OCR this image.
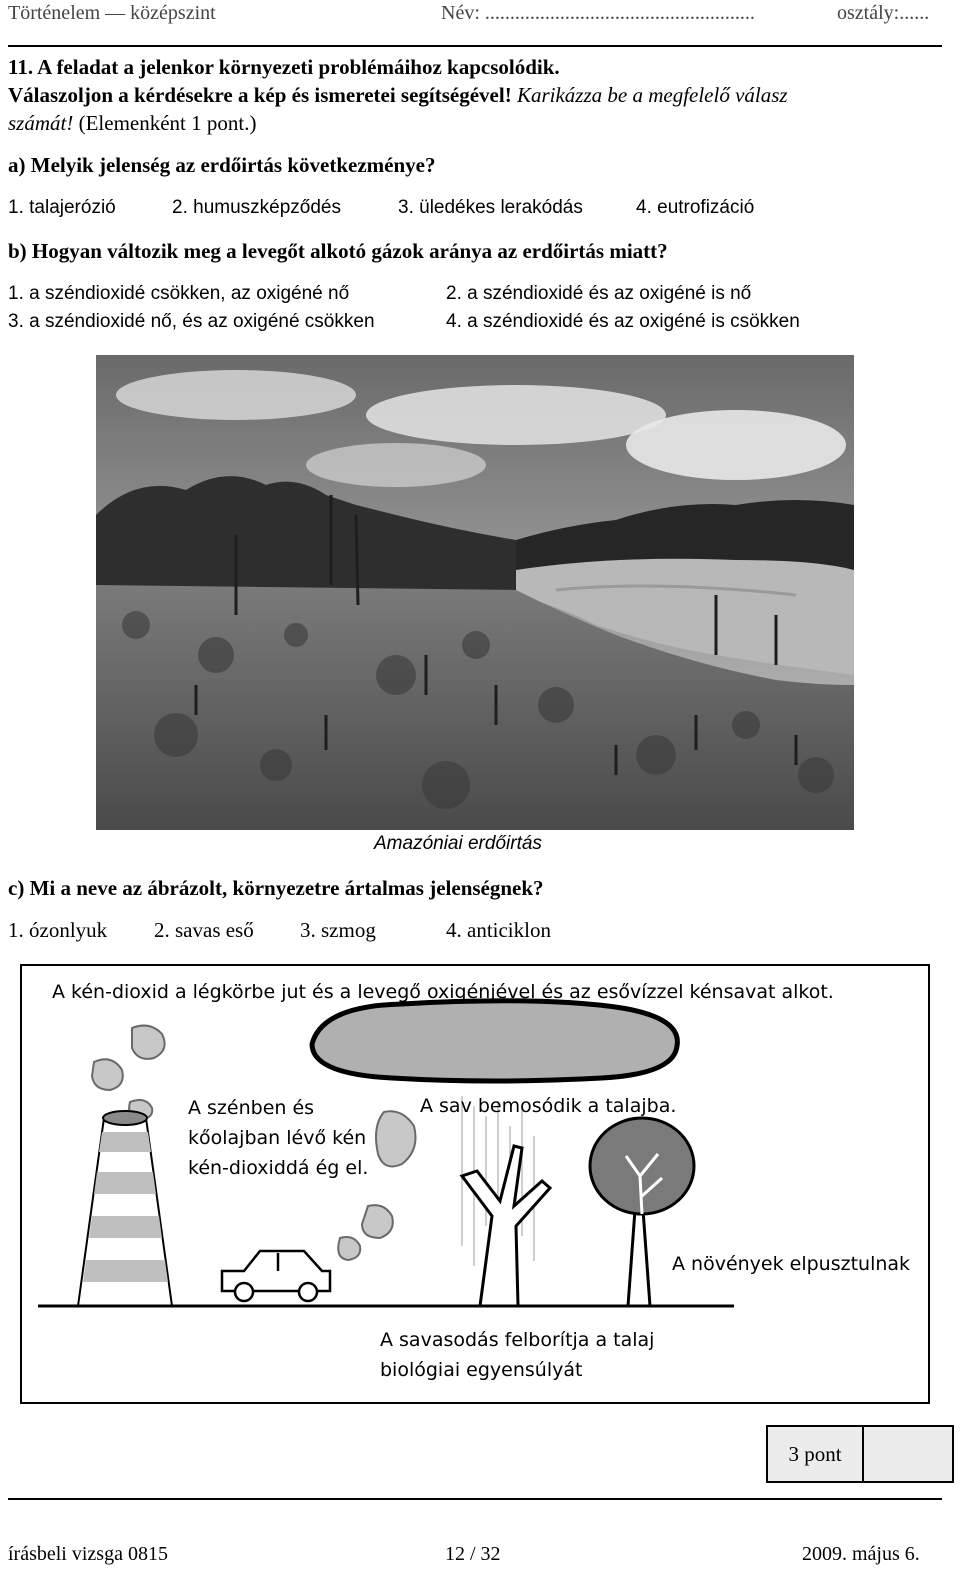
Történelem — középszint	Név: ......................................................	osztály:......
11. A feladat a jelenkor környezeti problémáihoz kapcsolódik.
Válaszoljon a kérdésekre a kép és ismeretei segítségével! Karikázza be a megfelelő válasz
számát! (Elemenként 1 pont.)
a) Melyik jelenség az erdőirtás következménye?
1. talajerózió	2. humuszképződés	3. üledékes lerakódás	4. eutrofizáció
b) Hogyan változik meg a levegőt alkotó gázok aránya az erdőirtás miatt?
1. a széndioxidé csökken, az oxigéné nő	2. a széndioxidé és az oxigéné is nő
3. a széndioxidé nő, és az oxigéné csökken	4. a széndioxidé és az oxigéné is csökken
Amazóniai erdőirtás
c) Mi a neve az ábrázolt, környezetre ártalmas jelenségnek?
1. ózonlyuk 2. savas eső 3. szmog	4. anticiklon
A kén-dioxid a légkörbe jut és a levegő oxigénjével és az esővízzel kénsavat alkot.
A szénben és
kőolajban lévő kén
kén-dioxiddá ég el.
A sav bemosódik a talajba.
A növények elpusztulnak
A savasodás felborítja a talaj
biológiai egyensúlyát
3 pont
írásbeli vizsga 0815	12 / 32	2009. május 6.
